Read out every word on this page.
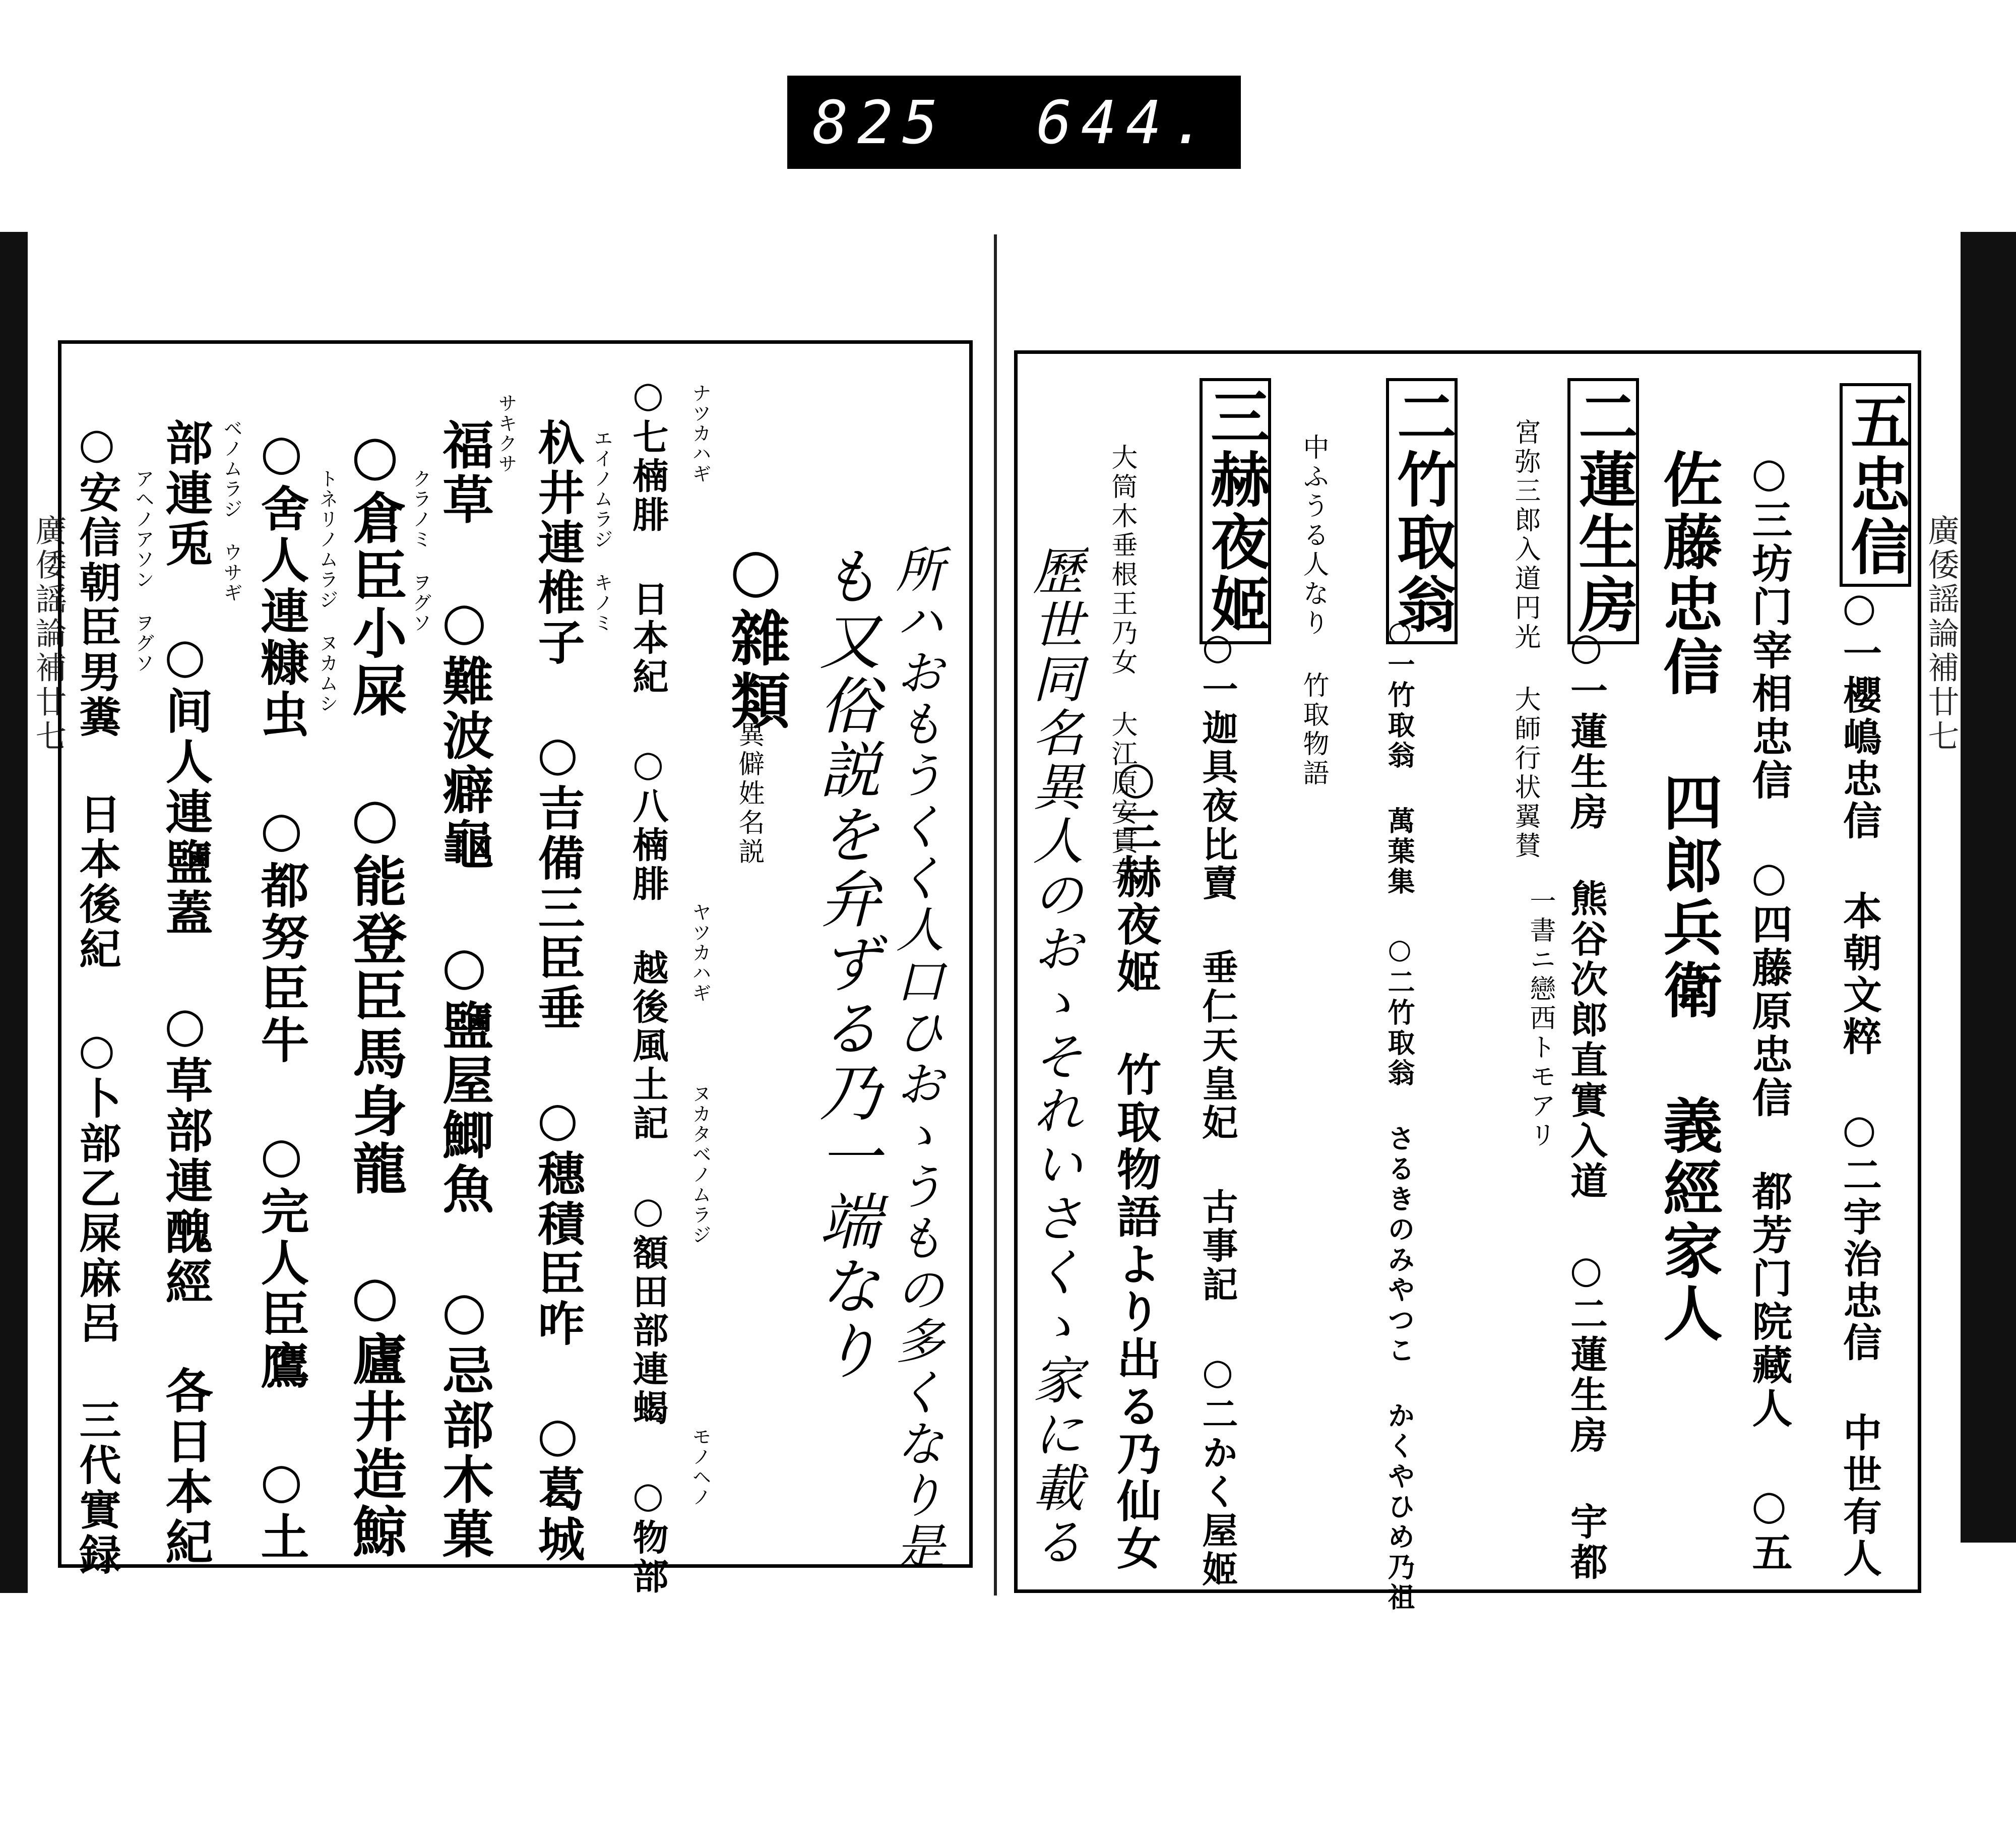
825 644.
廣倭謡論補廿七	廣倭謡論補廿七
所ハおもうくく人口ひおゝうもの多くなり是
も又俗説を弁ずる乃一端なり
○雜類
異僻姓名説
○七楠腓 日本紀 ○八楠腓 越後風土記 ○額田部連蝎 ○物部
杁井連椎子 ○吉備三臣垂 ○穗積臣咋 ○葛城
福草 ○難波癖龜 ○鹽屋鯽魚 ○忌部木菓
○倉臣小屎 ○能登臣馬身龍 ○廬井造鯨
○舍人連糠虫 ○都努臣牛 ○完人臣鷹 ○土
部連兎 ○间人連鹽蓋 ○草部連醜經 各日本紀
○安信朝臣男糞 日本後紀 ○卜部乙屎麻呂 三代實録	ナツカハギ
ヤツカハギ
モノヘノ
ヌカタベノムラジ
エイノムラジ キノミ
サキクサ
クラノミ ヲグソ
トネリノムラジ ヌカムシ
ベノムラジ ウサギ
アヘノアソン ヲグソ	五忠信
○一櫻嶋忠信 本朝文粹 ○二宇治忠信 中世有人
○三坊门宰相忠信 ○四藤原忠信 都芳门院藏人 ○五
佐藤忠信 四郎兵衛 義經家人
宮弥三郎入道円光 大師行状翼賛 二蓮生房
○一蓮生房 熊谷次郎直實入道 ○二蓮生房 宇都
一書ニ戀西トモアリ
二竹取翁
○一竹取翁 萬葉集 ○二竹取翁 さるきのみやつこ かくやひめ乃祖
中ふうる人なり 竹取物語
三赫夜姬
○一迦具夜比賣 垂仁天皇妃 古事記 ○二かく屋姬
○三赫夜姬 竹取物語より出る乃仙女
大筒木垂根王乃女 大江原安貫女
歷世同名異人のおゝそれいさくゝ家に載る
